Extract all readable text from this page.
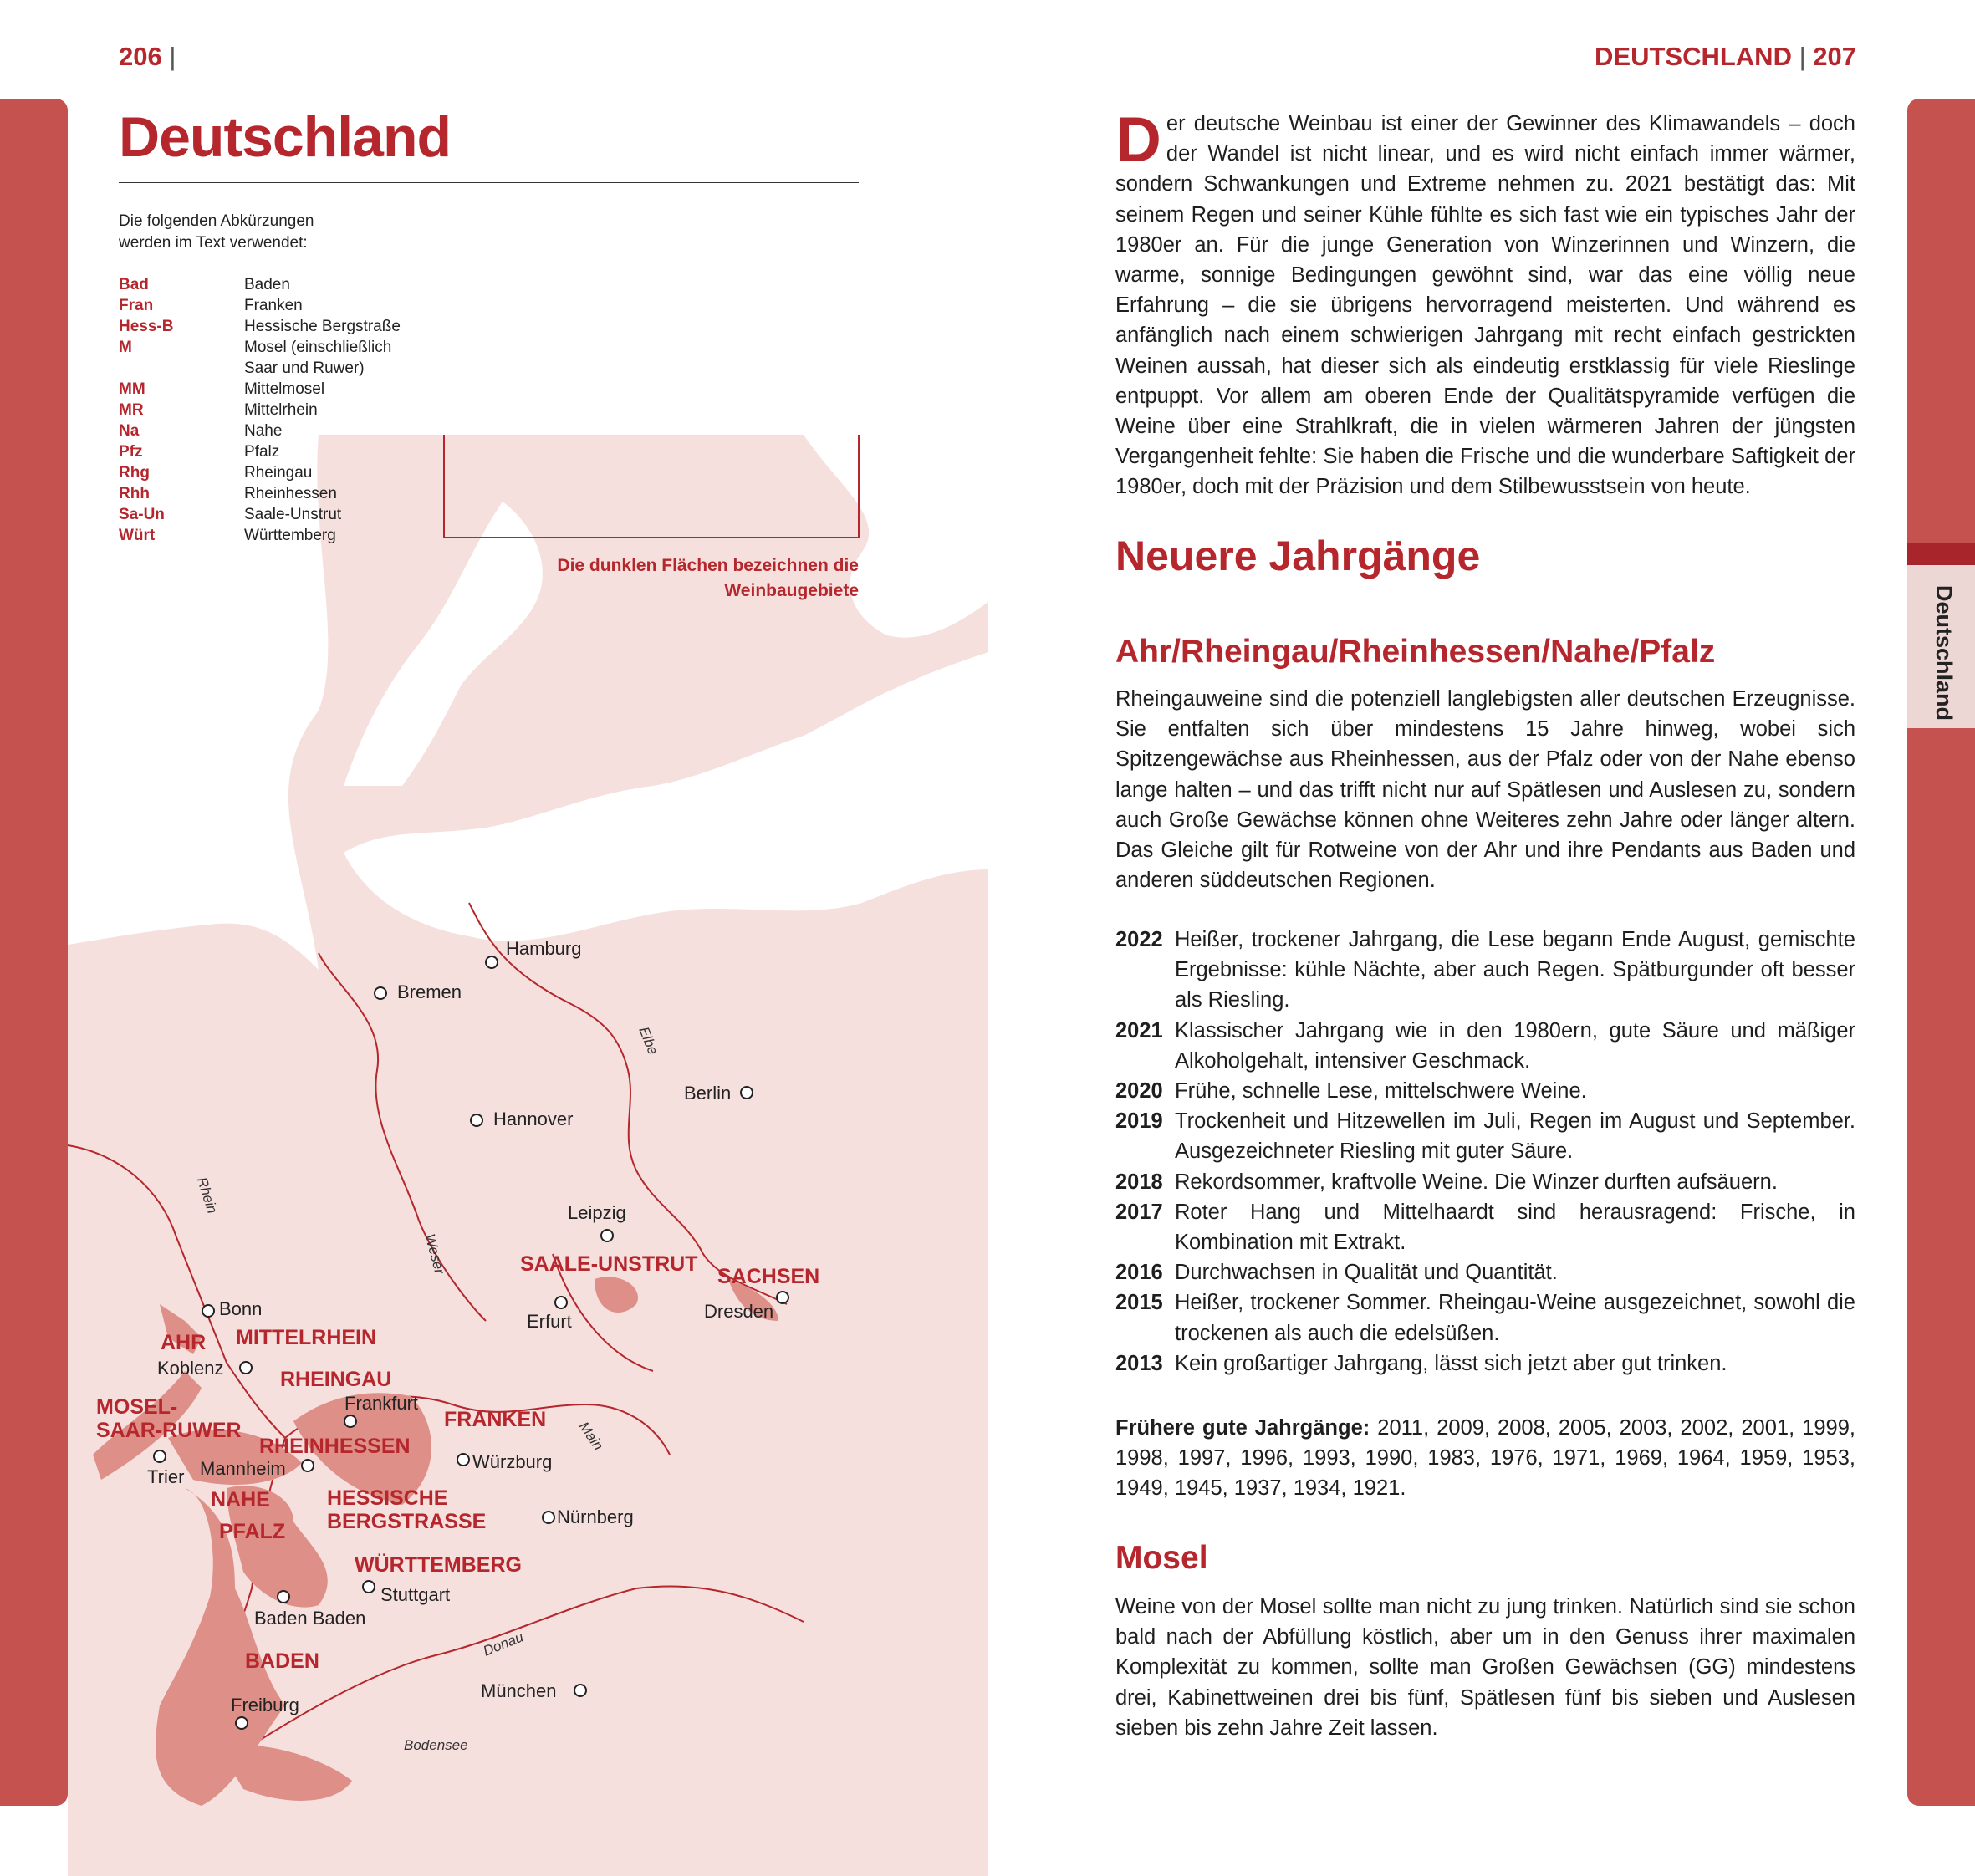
206 |	DEUTSCHLAND | 207
Deutschland
Deutschland

Die folgenden Abkürzungen werden im Text verwendet:

Bad	Baden
Fran	Franken
Hess-B	Hessische Bergstraße
M	Mosel (einschließlich Saar und Ruwer)
MM	Mittelmosel
MR	Mittelrhein
Na	Nahe
Pfz	Pfalz
Rhg	Rheingau
Rhh	Rheinhessen
Sa-Un	Saale-Unstrut
Würt	Württemberg
Die dunklen Flächen bezeichnen die Weinbaugebiete
Hamburg
Bremen
Berlin
Hannover
Leipzig
Erfurt	Dresden
Bonn
Koblenz
Frankfurt
Trier Mannheim	Würzburg
Nürnberg
Stuttgart
Baden Baden
München
Freiburg
Elbe
Rhein
Weser
Main
Donau
Bodensee
SAALE-UNSTRUT
SACHSEN
AHR MITTELRHEIN
RHEINGAU
MOSEL-
SAAR-RUWER	FRANKEN
RHEINHESSEN
NAHE
PFALZ
HESSISCHE
BERGSTRASSE
WÜRTTEMBERG
BADEN
Der deutsche Weinbau ist einer der Gewinner des Klimawandels – doch der Wandel ist nicht linear, und es wird nicht einfach immer wärmer, sondern Schwankungen und Extreme nehmen zu. 2021 bestätigt das: Mit seinem Regen und seiner Kühle fühlte es sich fast wie ein typisches Jahr der 1980er an. Für die junge Generation von Winzerinnen und Winzern, die warme, sonnige Bedingungen gewöhnt sind, war das eine völlig neue Erfahrung – die sie übrigens hervorragend meisterten. Und während es anfänglich nach einem schwierigen Jahrgang mit recht einfach gestrickten Weinen aussah, hat dieser sich als eindeutig erstklassig für viele Rieslinge entpuppt. Vor allem am oberen Ende der Qualitätspyramide verfügen die Weine über eine Strahlkraft, die in vielen wärmeren Jahren der jüngsten Vergangenheit fehlte: Sie haben die Frische und die wunderbare Saftigkeit der 1980er, doch mit der Präzision und dem Stilbewusstsein von heute.
Neuere Jahrgänge
Ahr/Rheingau/Rheinhessen/Nahe/Pfalz

Rheingauweine sind die potenziell langlebigsten aller deutschen Erzeugnisse. Sie entfalten sich über mindestens 15 Jahre hinweg, wobei sich Spitzengewächse aus Rheinhessen, aus der Pfalz oder von der Nahe ebenso lange halten – und das trifft nicht nur auf Spätlesen und Auslesen zu, sondern auch Große Gewächse können ohne Weiteres zehn Jahre oder länger altern. Das Gleiche gilt für Rotweine von der Ahr und ihre Pendants aus Baden und anderen süddeutschen Regionen.

2022 Heißer, trockener Jahrgang, die Lese begann Ende August, gemischte Ergebnisse: kühle Nächte, aber auch Regen. Spätburgunder oft besser als Riesling.
2021 Klassischer Jahrgang wie in den 1980ern, gute Säure und mäßiger Alkoholgehalt, intensiver Geschmack.
2020 Frühe, schnelle Lese, mittelschwere Weine.
2019 Trockenheit und Hitzewellen im Juli, Regen im August und September. Ausgezeichneter Riesling mit guter Säure.
2018 Rekordsommer, kraftvolle Weine. Die Winzer durften aufsäuern.
2017 Roter Hang und Mittelhaardt sind herausragend: Frische, in Kombination mit Extrakt.
2016 Durchwachsen in Qualität und Quantität.
2015 Heißer, trockener Sommer. Rheingau-Weine ausgezeichnet, sowohl die trockenen als auch die edelsüßen.
2013 Kein großartiger Jahrgang, lässt sich jetzt aber gut trinken.

Frühere gute Jahrgänge: 2011, 2009, 2008, 2005, 2003, 2002, 2001, 1999, 1998, 1997, 1996, 1993, 1990, 1983, 1976, 1971, 1969, 1964, 1959, 1953, 1949, 1945, 1937, 1934, 1921.

Mosel

Weine von der Mosel sollte man nicht zu jung trinken. Natürlich sind sie schon bald nach der Abfüllung köstlich, aber um in den Genuss ihrer maximalen Komplexität zu kommen, sollte man Großen Gewächsen (GG) mindestens drei, Kabinettweinen drei bis fünf, Spätlesen fünf bis sieben und Auslesen sieben bis zehn Jahre Zeit lassen.
